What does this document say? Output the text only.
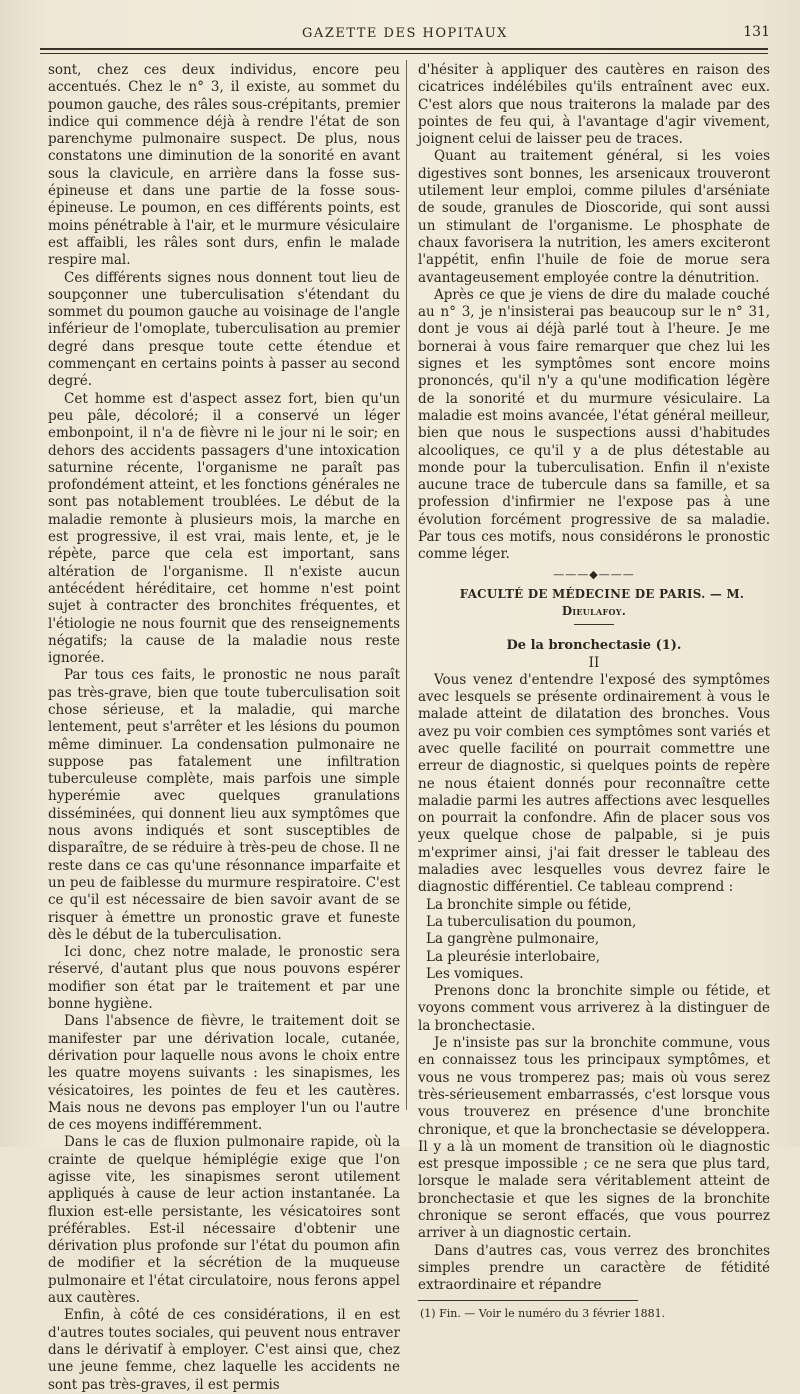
GAZETTE DES HOPITAUX	131

sont, chez ces deux individus, encore peu accentués. Chez le n° 3, il existe, au sommet du poumon gauche, des râles sous-crépitants, premier indice qui commence déjà à rendre l'état de son parenchyme pulmonaire suspect. De plus, nous constatons une diminution de la sonorité en avant sous la clavicule, en arrière dans la fosse sus-épineuse et dans une partie de la fosse sous-épineuse. Le poumon, en ces différents points, est moins pénétrable à l'air, et le murmure vésiculaire est affaibli, les râles sont durs, enfin le malade respire mal.

Ces différents signes nous donnent tout lieu de soupçonner une tuberculisation s'étendant du sommet du poumon gauche au voisinage de l'angle inférieur de l'omoplate, tuberculisation au premier degré dans presque toute cette étendue et commençant en certains points à passer au second degré.

Cet homme est d'aspect assez fort, bien qu'un peu pâle, décoloré; il a conservé un léger embonpoint, il n'a de fièvre ni le jour ni le soir; en dehors des accidents passagers d'une intoxication saturnine récente, l'organisme ne paraît pas profondément atteint, et les fonctions générales ne sont pas notablement troublées. Le début de la maladie remonte à plusieurs mois, la marche en est progressive, il est vrai, mais lente, et, je le répète, parce que cela est important, sans altération de l'organisme. Il n'existe aucun antécédent héréditaire, cet homme n'est point sujet à contracter des bronchites fréquentes, et l'étiologie ne nous fournit que des renseignements négatifs; la cause de la maladie nous reste ignorée.

Par tous ces faits, le pronostic ne nous paraît pas très-grave, bien que toute tuberculisation soit chose sérieuse, et la maladie, qui marche lentement, peut s'arrêter et les lésions du poumon même diminuer. La condensation pulmonaire ne suppose pas fatalement une infiltration tuberculeuse complète, mais parfois une simple hyperémie avec quelques granulations disséminées, qui donnent lieu aux symptômes que nous avons indiqués et sont susceptibles de disparaître, de se réduire à très-peu de chose. Il ne reste dans ce cas qu'une résonnance imparfaite et un peu de faiblesse du murmure respiratoire. C'est ce qu'il est nécessaire de bien savoir avant de se risquer à émettre un pronostic grave et funeste dès le début de la tuberculisation.

Ici donc, chez notre malade, le pronostic sera réservé, d'autant plus que nous pouvons espérer modifier son état par le traitement et par une bonne hygiène.

Dans l'absence de fièvre, le traitement doit se manifester par une dérivation locale, cutanée, dérivation pour laquelle nous avons le choix entre les quatre moyens suivants : les sinapismes, les vésicatoires, les pointes de feu et les cautères. Mais nous ne devons pas employer l'un ou l'autre de ces moyens indifféremment.

Dans le cas de fluxion pulmonaire rapide, où la crainte de quelque hémiplégie exige que l'on agisse vite, les sinapismes seront utilement appliqués à cause de leur action instantanée. La fluxion est-elle persistante, les vésicatoires sont préférables. Est-il nécessaire d'obtenir une dérivation plus profonde sur l'état du poumon afin de modifier et la sécrétion de la muqueuse pulmonaire et l'état circulatoire, nous ferons appel aux cautères.

Enfin, à côté de ces considérations, il en est d'autres toutes sociales, qui peuvent nous entraver dans le dérivatif à employer. C'est ainsi que, chez une jeune femme, chez laquelle les accidents ne sont pas très-graves, il est permis

d'hésiter à appliquer des cautères en raison des cicatrices indélébiles qu'ils entraînent avec eux. C'est alors que nous traiterons la malade par des pointes de feu qui, à l'avantage d'agir vivement, joignent celui de laisser peu de traces.

Quant au traitement général, si les voies digestives sont bonnes, les arsenicaux trouveront utilement leur emploi, comme pilules d'arséniate de soude, granules de Dioscoride, qui sont aussi un stimulant de l'organisme. Le phosphate de chaux favorisera la nutrition, les amers exciteront l'appétit, enfin l'huile de foie de morue sera avantageusement employée contre la dénutrition.

Après ce que je viens de dire du malade couché au n° 3, je n'insisterai pas beaucoup sur le n° 31, dont je vous ai déjà parlé tout à l'heure. Je me bornerai à vous faire remarquer que chez lui les signes et les symptômes sont encore moins prononcés, qu'il n'y a qu'une modification légère de la sonorité et du murmure vésiculaire. La maladie est moins avancée, l'état général meilleur, bien que nous le suspections aussi d'habitudes alcooliques, ce qu'il y a de plus détestable au monde pour la tuberculisation. Enfin il n'existe aucune trace de tubercule dans sa famille, et sa profession d'infirmier ne l'expose pas à une évolution forcément progressive de sa maladie. Par tous ces motifs, nous considérons le pronostic comme léger.

———◆———

FACULTÉ DE MÉDECINE DE PARIS. — M. Dieulafoy.

De la bronchectasie (1).

II

Vous venez d'entendre l'exposé des symptômes avec lesquels se présente ordinairement à vous le malade atteint de dilatation des bronches. Vous avez pu voir combien ces symptômes sont variés et avec quelle facilité on pourrait commettre une erreur de diagnostic, si quelques points de repère ne nous étaient donnés pour reconnaître cette maladie parmi les autres affections avec lesquelles on pourrait la confondre. Afin de placer sous vos yeux quelque chose de palpable, si je puis m'exprimer ainsi, j'ai fait dresser le tableau des maladies avec lesquelles vous devrez faire le diagnostic différentiel. Ce tableau comprend :

La bronchite simple ou fétide,

La tuberculisation du poumon,

La gangrène pulmonaire,

La pleurésie interlobaire,

Les vomiques.

Prenons donc la bronchite simple ou fétide, et voyons comment vous arriverez à la distinguer de la bronchectasie.

Je n'insiste pas sur la bronchite commune, vous en connaissez tous les principaux symptômes, et vous ne vous tromperez pas; mais où vous serez très-sérieusement embarrassés, c'est lorsque vous vous trouverez en présence d'une bronchite chronique, et que la bronchectasie se développera. Il y a là un moment de transition où le diagnostic est presque impossible ; ce ne sera que plus tard, lorsque le malade sera véritablement atteint de bronchectasie et que les signes de la bronchite chronique se seront effacés, que vous pourrez arriver à un diagnostic certain.

Dans d'autres cas, vous verrez des bronchites simples prendre un caractère de fétidité extraordinaire et répandre

(1) Fin. — Voir le numéro du 3 février 1881.
